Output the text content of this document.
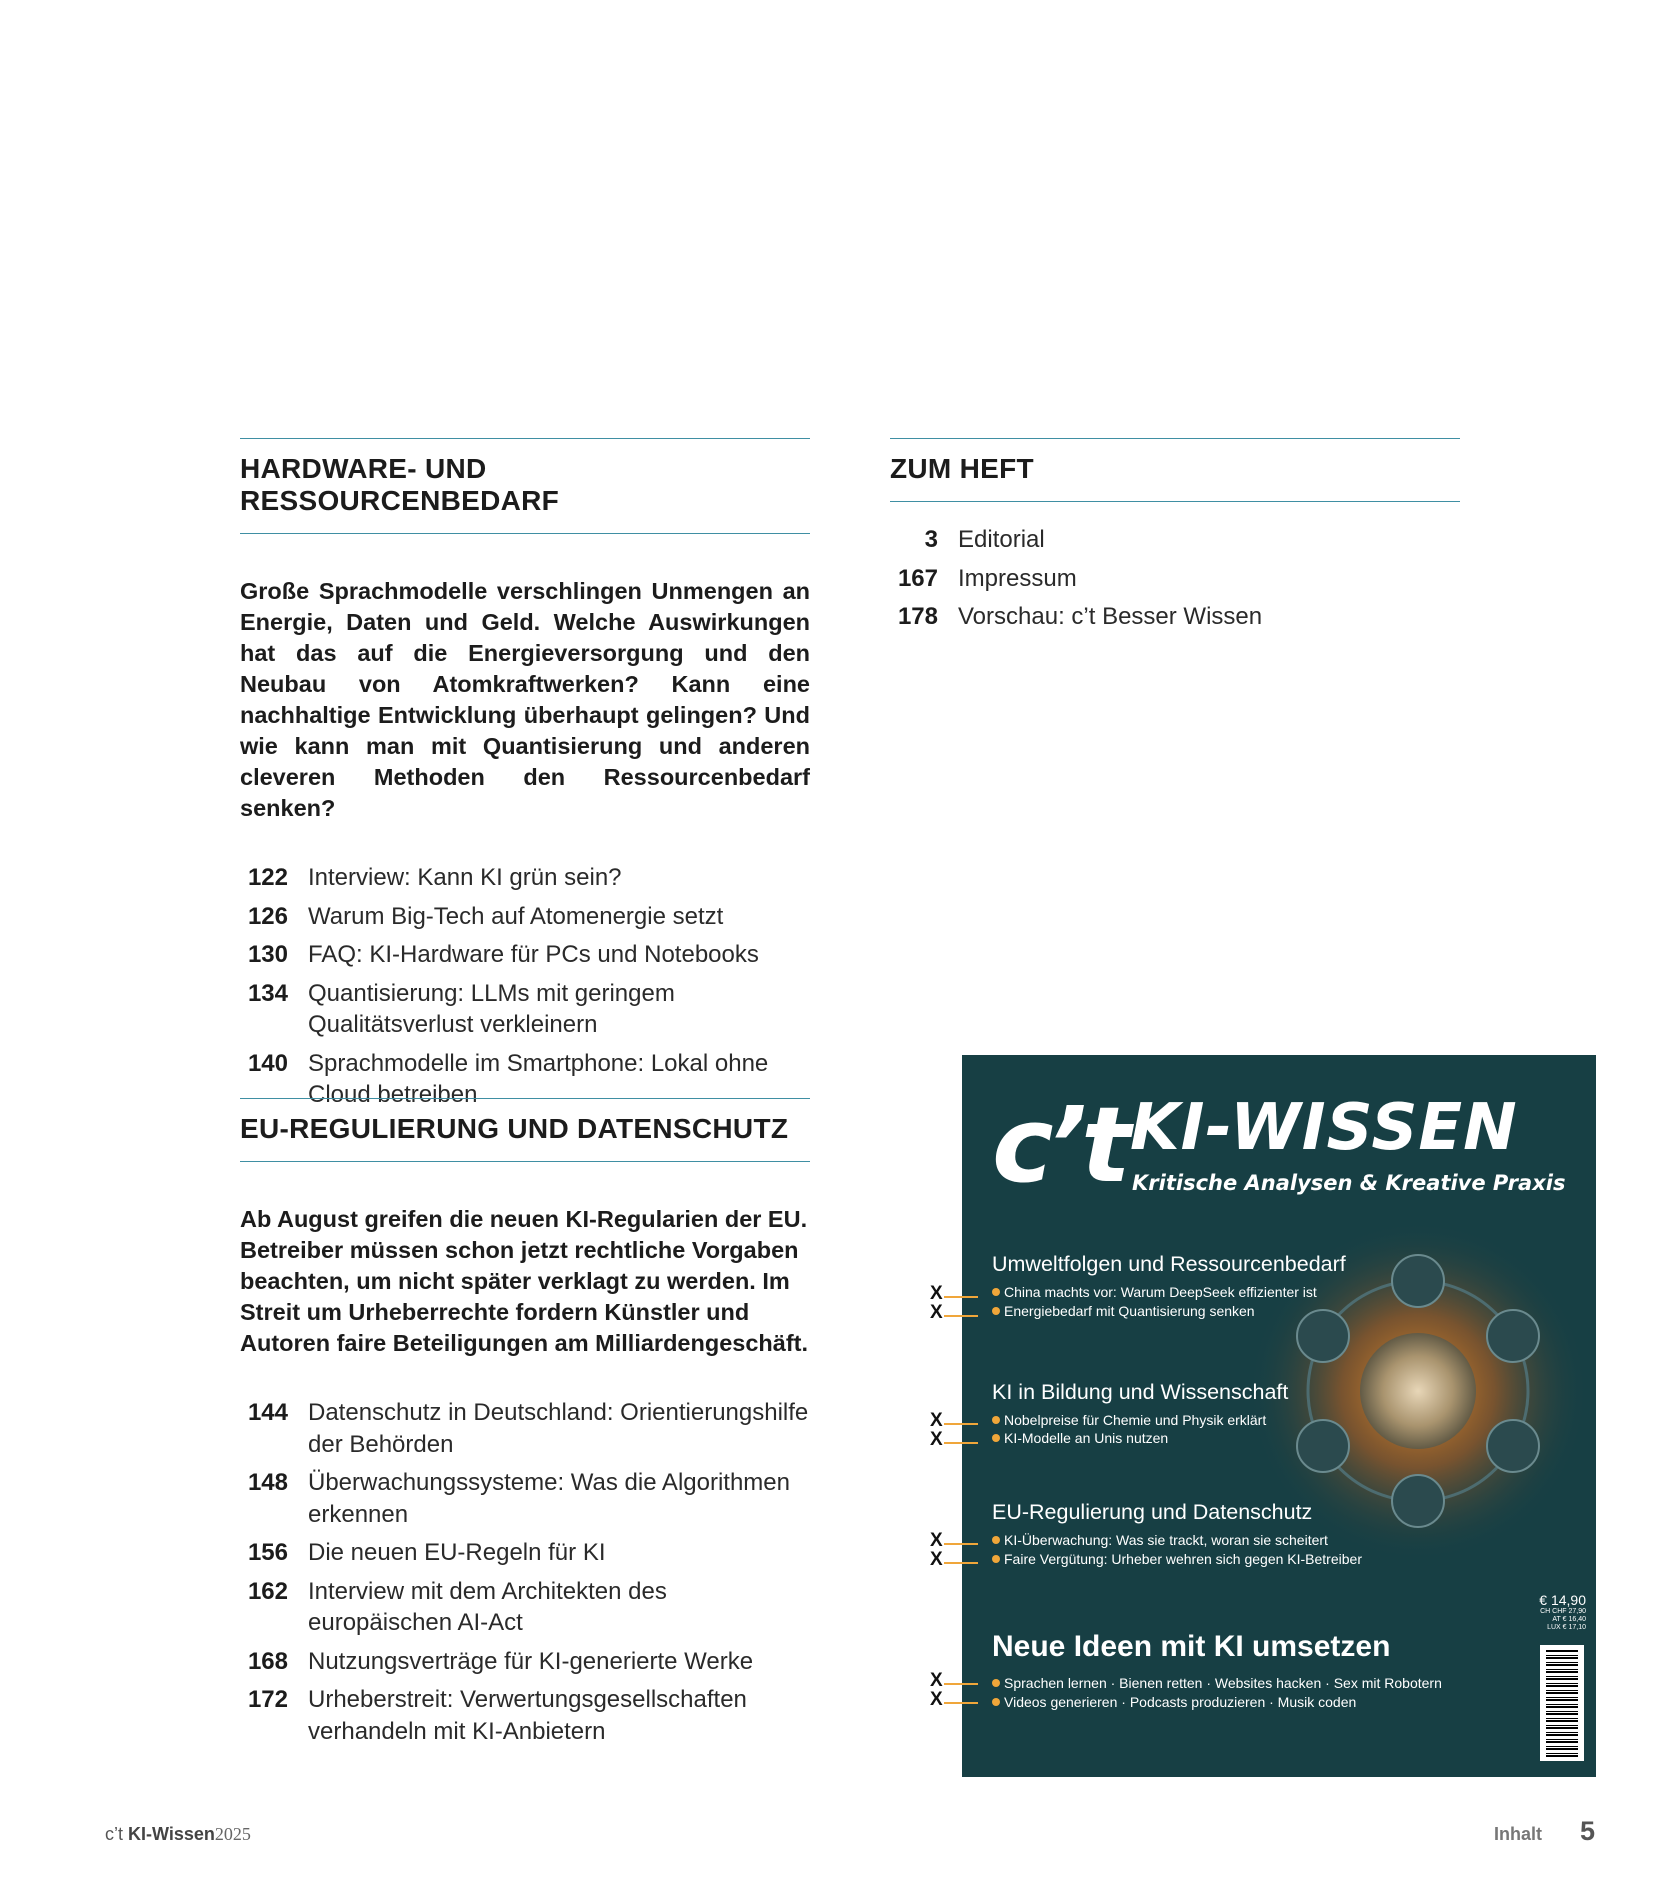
HARDWARE- UND RESSOURCENBEDARF

Große Sprachmodelle verschlingen Unmengen an Energie, Daten und Geld. Welche Auswirkungen hat das auf die Energieversorgung und den Neubau von Atomkraftwerken? Kann eine nachhaltige Entwicklung überhaupt gelingen? Und wie kann man mit Quantisierung und anderen cleveren Methoden den Ressourcenbedarf senken?

122 Interview: Kann KI grün sein?
126 Warum Big-Tech auf Atomenergie setzt
130 FAQ: KI-Hardware für PCs und Notebooks
134 Quantisierung: LLMs mit geringem Qualitätsverlust verkleinern
140 Sprachmodelle im Smartphone: Lokal ohne Cloud betreiben
EU-REGULIERUNG UND DATENSCHUTZ

Ab August greifen die neuen KI-Regularien der EU. Betreiber müssen schon jetzt rechtliche Vorgaben beachten, um nicht später verklagt zu werden. Im Streit um Urheberrechte fordern Künstler und Autoren faire Beteiligungen am Milliardengeschäft.

144 Datenschutz in Deutschland: Orientierungshilfe der Behörden
148 Überwachungssysteme: Was die Algorithmen erkennen
156 Die neuen EU-Regeln für KI
162 Interview mit dem Architekten des europäischen AI-Act
168 Nutzungsverträge für KI-generierte Werke
172 Urheberstreit: Verwertungsgesellschaften verhandeln mit KI-Anbietern
ZUM HEFT
3 Editorial
167 Impressum
178 Vorschau: c’t Besser Wissen
X
X
X
X
X
X
X
X
c’t KI-WISSEN
Kritische Analysen & Kreative Praxis
Umweltfolgen und Ressourcenbedarf
China machts vor: Warum DeepSeek effizienter ist
Energiebedarf mit Quantisierung senken
KI in Bildung und Wissenschaft
Nobelpreise für Chemie und Physik erklärt
KI-Modelle an Unis nutzen
EU-Regulierung und Datenschutz
KI-Überwachung: Was sie trackt, woran sie scheitert
Faire Vergütung: Urheber wehren sich gegen KI-Betreiber
Neue Ideen mit KI umsetzen
Sprachen lernen · Bienen retten · Websites hacken · Sex mit Robotern
Videos generieren · Podcasts produzieren · Musik coden
€ 14,90
CH CHF 27,90
AT € 16,40
LUX € 17,10
c’t KI-Wissen2025	Inhalt 5
